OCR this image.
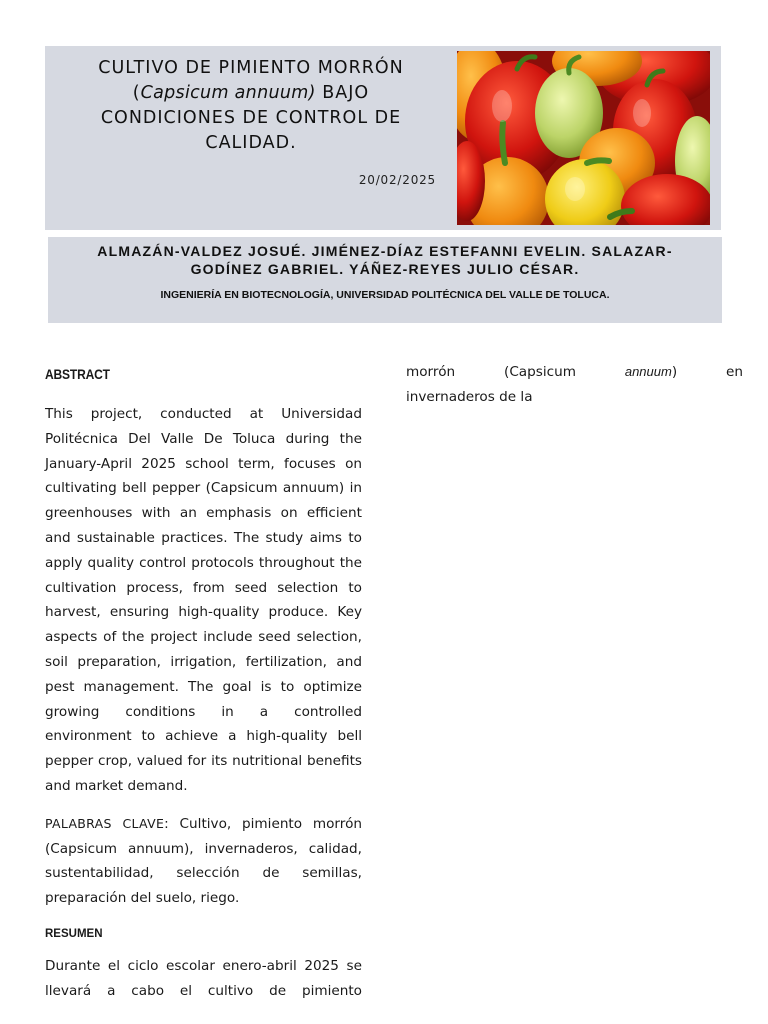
CULTIVO DE PIMIENTO MORRÓN
(Capsicum annuum) BAJO CONDICIONES DE CONTROL DE CALIDAD.
20/02/2025
ALMAZÁN-VALDEZ JOSUÉ. JIMÉNEZ-DÍAZ ESTEFANNI EVELIN. SALAZAR-GODÍNEZ GABRIEL. YÁÑEZ-REYES JULIO CÉSAR.
INGENIERÍA EN BIOTECNOLOGÍA, UNIVERSIDAD POLITÉCNICA DEL VALLE DE TOLUCA.
ABSTRACT

This project, conducted at Universidad Politécnica Del Valle De Toluca during the January-April 2025 school term, focuses on cultivating bell pepper (Capsicum annuum) in greenhouses with an emphasis on efficient and sustainable practices. The study aims to apply quality control protocols throughout the cultivation process, from seed selection to harvest, ensuring high-quality produce. Key aspects of the project include seed selection, soil preparation, irrigation, fertilization, and pest management. The goal is to optimize growing conditions in a controlled environment to achieve a high-quality bell pepper crop, valued for its nutritional benefits and market demand.

PALABRAS CLAVE: Cultivo, pimiento morrón (Capsicum annuum), invernaderos, calidad, sustentabilidad, selección de semillas, preparación del suelo, riego.

RESUMEN

Durante el ciclo escolar enero-abril 2025 se llevará a cabo el cultivo de pimiento

morrón (Capsicum annuum) en

invernaderos de la
